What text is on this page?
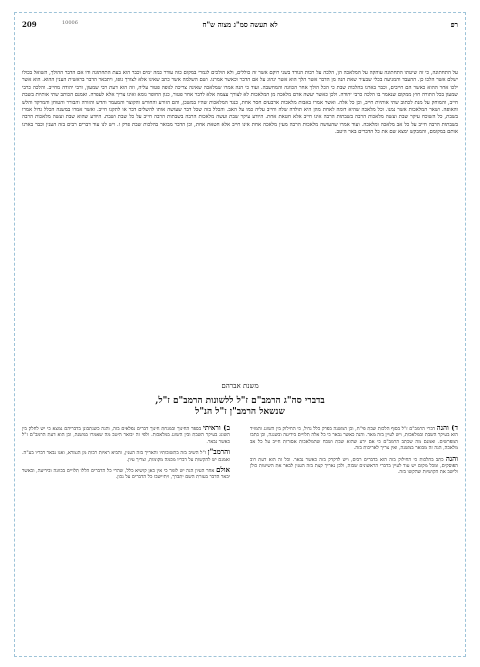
רפ
לא תעשה סמ"ג מצוה ש"ח
209	10006
על התחתונה, כי זה שיטתו התחתונה עוהקה על המלאכה הן, הלכה על רבות הנודד בשני רוקם אשר זה כוללים, ולא הולכים לגמרי במקום כזה עודר כמה ימים וכבר הוא בעת התחתונה ודו אם הדבר ההולך, השואל בכולו ישלם אשר הלכו כן. ההעבד והמניעה בכלי שבעיר שאת הנה מן הדבר אשר הלך הוא אשר ינהוג על אם הדבר וכאשר אמרנו. ושם השלמה אשר כתב שאינו אלא לצורך גופו, ויתבאר הדבר בראשית הענין ההוא. הוא אשר ילכו אחר ההוא כאשר הם חייבים, וכבר בארנו בהלכות שבת כי הכל הולך אחר הכוונה והמחשבה. ועוד כי הנה אמרו שמלאכה שאינה צריכה לגופה פטור עליה, וזה הוא דעת רבי שמעון, ורבי יהודה מחייב. והלכה כרבי שמעון בכל התורה חוץ ממקום שנאמר בו הלכה כרבי יהודה. ולכן כאשר יעשה אדם מלאכה מן המלאכות לא לצורך עצמה אלא לדבר אחר פטור, כגון החופר גומא ואינו צריך אלא לעפרה. ואמנם הכותב שתי אותיות בשבת חייב, והמוחק על מנת לכתוב שתי אותיות חייב, וכן כל אלה. ואשר אמרו באבות מלאכות ארבעים חסר אחת, כנגד המלאכות שהיו במשכן, והם הזורע והחורש והקוצר והמעמר והדש והזורה והבורר והטוחן והמרקד והלש והאופה. ושאר המלאכות אשר נמנו. וכל מלאכה שהיא דומה לאחת מהן היא תולדה שלה וחייב עליה כמו על האב. והכלל בזה שכל דבר שעושה אותו להשלים דבר או לתקנו חייב. ואשר אמרו במשנה הכלל גדול אמרו בשבת, כל השוכח עיקר שבת ועשה מלאכות הרבה בשבתות הרבה אינו חייב אלא חטאת אחת. היודע עיקר שבת ועשה מלאכות הרבה בשבתות הרבה חייב על כל שבת ושבת. היודע שהוא שבת ועשה מלאכות הרבה בשבתות הרבה חייב על כל אב מלאכה ומלאכה. ועוד אמרו שהעושה מלאכות הרבה מעין מלאכה אחת אינו חייב אלא חטאת אחת, וכן הדבר מבואר בהלכות שבת פרק ז. ויש לנו עוד דברים רבים בזה הענין וכבר בארנו אותם במקומם, והמבקש ימצא שם את כל הדברים באר היטב.
משנת אברהם
בדברי סה"ג הרמב"ם ז"ל ללשונות הרמב"ם ז"ל,
שנשאל הרמב"ן ז"ל הנ"ל

ד) והנה דברי הרמב"ם ז"ל בסוף הלכות שבת פי"ח, וכן המשנה בפרק כלל גדול, כי החילוק בין השוגג והמזיד הוא בעיקר השבת ובמלאכות, ויש לעיין בזה מאד. והנה כאשר נבאר כי כל אלה תלויים בידיעה ובשגגה, וכן כתבו המפרשים. ואמנם מה שכתב הרמב"ם כי אם ידע שהוא שבת ושכח שהמלאכות אסורות חייב על כל אב מלאכה, הנה זה מבואר במשנה, ואין צריך לאריכות בזה.

והנה כתב בהלכות כי החילוק בזה הוא בדברים רבים, ויש לדקדק בזה כאשר נבאר. וכל זה הוא דעת רוב הפוסקים, ומכל מקום יש עוד לעיין בדברי הראשונים שבזה, ולכן נאריך קצת בזה הענין לבאר את השיטות כולן ולישב את הקושיות שהקשו בזה.

ב) וראיתי בספר החינוך ובמנחת חינוך דברים נפלאים בזה, והנה כשנתבונן בדבריהם נמצא כי יש לחלק בין השוגג בעיקר השבת ובין השוגג במלאכות. ולפי זה יבואר היטב מה שאמרו במשנה, וכן הוא דעת הרמב"ם ז"ל כאשר נבאר.

והרמב"ן ז"ל השיב בזה בתשובותיו והאריך בזה הענין, והביא ראיות רבות מן הגמרא, ואנו נבאר דבריו בע"ה. ואמנם יש להקשות על דבריו מכמה מקומות, וצריך עיון.

אולם אחר העיון הנה יש לומר כי אין כאן קושיא כלל, שהרי כל הדברים הללו תלויים בכוונה ובידיעה, וכאשר יבאר הדבר בעזרת השם יתברך, ויתיישבו כל הדברים על נכון.
